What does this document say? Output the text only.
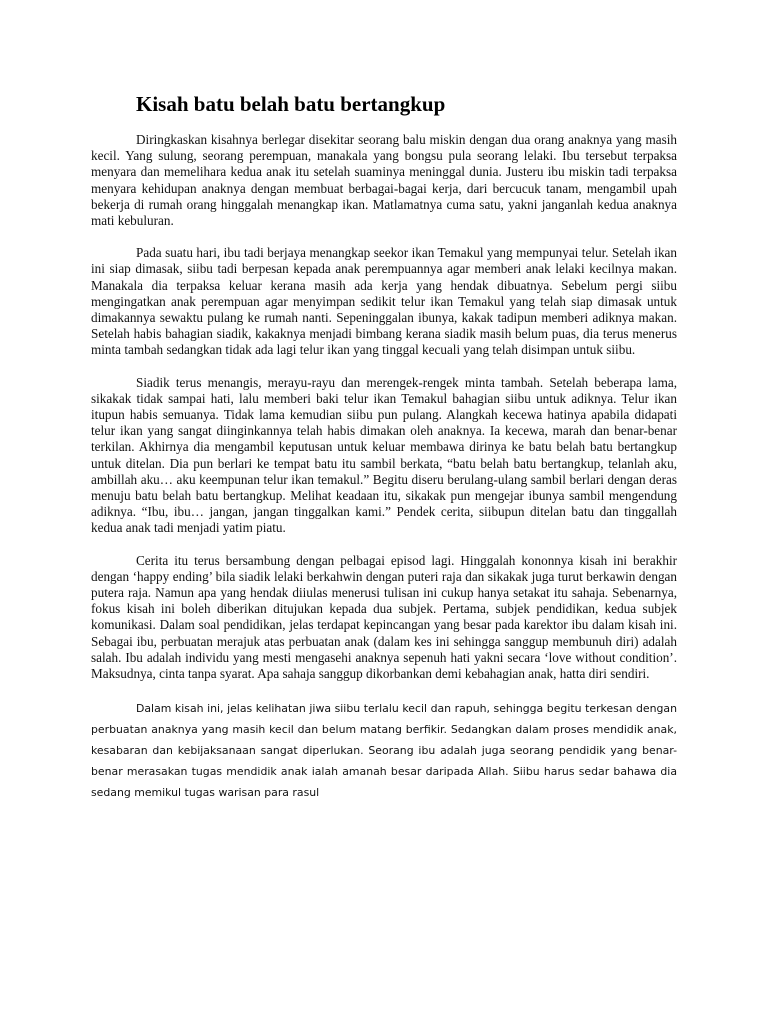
Kisah batu belah batu bertangkup

Diringkaskan kisahnya berlegar disekitar seorang balu miskin dengan dua orang anaknya yang masih kecil. Yang sulung, seorang perempuan, manakala yang bongsu pula seorang lelaki. Ibu tersebut terpaksa menyara dan memelihara kedua anak itu setelah suaminya meninggal dunia. Justeru ibu miskin tadi terpaksa menyara kehidupan anaknya dengan membuat berbagai-bagai kerja, dari bercucuk tanam, mengambil upah bekerja di rumah orang hinggalah menangkap ikan. Matlamatnya cuma satu, yakni janganlah kedua anaknya mati kebuluran.

Pada suatu hari, ibu tadi berjaya menangkap seekor ikan Temakul yang mempunyai telur. Setelah ikan ini siap dimasak, siibu tadi berpesan kepada anak perempuannya agar memberi anak lelaki kecilnya makan. Manakala dia terpaksa keluar kerana masih ada kerja yang hendak dibuatnya. Sebelum pergi siibu mengingatkan anak perempuan agar menyimpan sedikit telur ikan Temakul yang telah siap dimasak untuk dimakannya sewaktu pulang ke rumah nanti. Sepeninggalan ibunya, kakak tadipun memberi adiknya makan. Setelah habis bahagian siadik, kakaknya menjadi bimbang kerana siadik masih belum puas, dia terus menerus minta tambah sedangkan tidak ada lagi telur ikan yang tinggal kecuali yang telah disimpan untuk siibu.

Siadik terus menangis, merayu-rayu dan merengek-rengek minta tambah. Setelah beberapa lama, sikakak tidak sampai hati, lalu memberi baki telur ikan Temakul bahagian siibu untuk adiknya. Telur ikan itupun habis semuanya. Tidak lama kemudian siibu pun pulang. Alangkah kecewa hatinya apabila didapati telur ikan yang sangat diinginkannya telah habis dimakan oleh anaknya. Ia kecewa, marah dan benar-benar terkilan. Akhirnya dia mengambil keputusan untuk keluar membawa dirinya ke batu belah batu bertangkup untuk ditelan. Dia pun berlari ke tempat batu itu sambil berkata, “batu belah batu bertangkup, telanlah aku, ambillah aku… aku keempunan telur ikan temakul.” Begitu diseru berulang-ulang sambil berlari dengan deras menuju batu belah batu bertangkup. Melihat keadaan itu, sikakak pun mengejar ibunya sambil mengendung adiknya. “Ibu, ibu… jangan, jangan tinggalkan kami.” Pendek cerita, siibupun ditelan batu dan tinggallah kedua anak tadi menjadi yatim piatu.

Cerita itu terus bersambung dengan pelbagai episod lagi. Hinggalah kononnya kisah ini berakhir dengan ‘happy ending’ bila siadik lelaki berkahwin dengan puteri raja dan sikakak juga turut berkawin dengan putera raja. Namun apa yang hendak diiulas menerusi tulisan ini cukup hanya setakat itu sahaja. Sebenarnya, fokus kisah ini boleh diberikan ditujukan kepada dua subjek. Pertama, subjek pendidikan, kedua subjek komunikasi. Dalam soal pendidikan, jelas terdapat kepincangan yang besar pada karektor ibu dalam kisah ini. Sebagai ibu, perbuatan merajuk atas perbuatan anak (dalam kes ini sehingga sanggup membunuh diri) adalah salah. Ibu adalah individu yang mesti mengasehi anaknya sepenuh hati yakni secara ‘love without condition’. Maksudnya, cinta tanpa syarat. Apa sahaja sanggup dikorbankan demi kebahagian anak, hatta diri sendiri.

Dalam kisah ini, jelas kelihatan jiwa siibu terlalu kecil dan rapuh, sehingga begitu terkesan dengan perbuatan anaknya yang masih kecil dan belum matang berfikir. Sedangkan dalam proses mendidik anak, kesabaran dan kebijaksanaan sangat diperlukan. Seorang ibu adalah juga seorang pendidik yang benar-benar merasakan tugas mendidik anak ialah amanah besar daripada Allah. Siibu harus sedar bahawa dia sedang memikul tugas warisan para rasul
